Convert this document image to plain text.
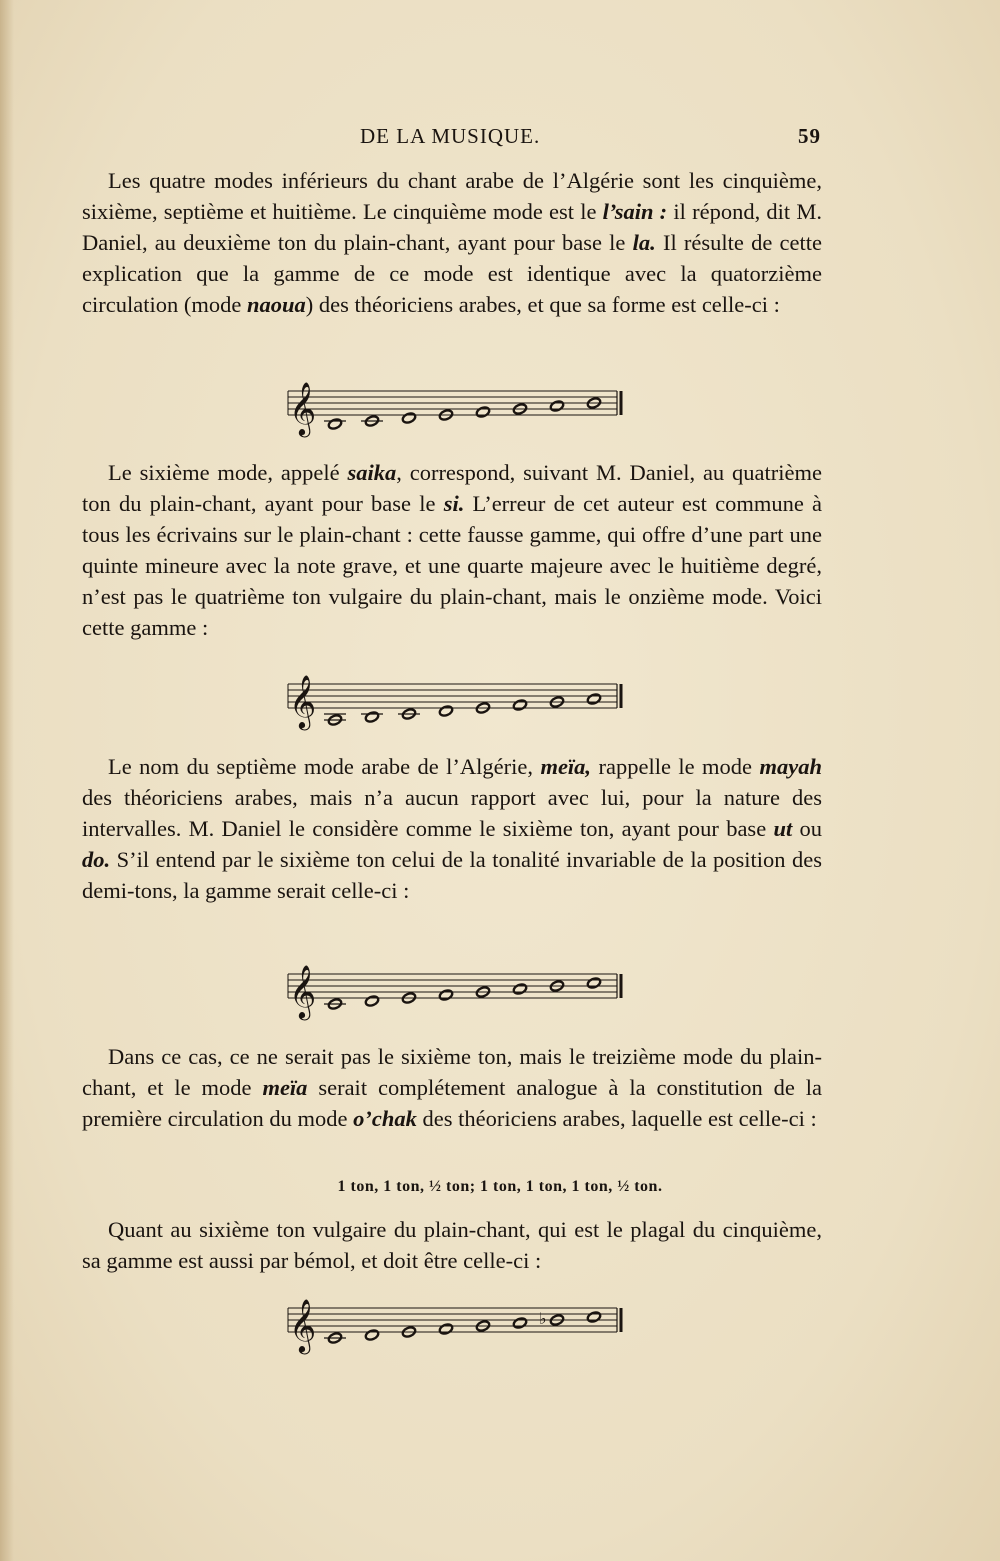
DE LA MUSIQUE.	59

Les quatre modes inférieurs du chant arabe de l’Algérie sont les cinquième, sixième, septième et huitième. Le cinquième mode est le l’sain : il répond, dit M. Daniel, au deuxième ton du plain-chant, ayant pour base le la. Il résulte de cette explication que la gamme de ce mode est identique avec la quatorzième circulation (mode naoua) des théoriciens arabes, et que sa forme est celle-ci :

𝄞

Le sixième mode, appelé saika, correspond, suivant M. Daniel, au quatrième ton du plain-chant, ayant pour base le si. L’erreur de cet auteur est commune à tous les écrivains sur le plain-chant : cette fausse gamme, qui offre d’une part une quinte mineure avec la note grave, et une quarte majeure avec le huitième degré, n’est pas le quatrième ton vulgaire du plain-chant, mais le onzième mode. Voici cette gamme :

𝄞

Le nom du septième mode arabe de l’Algérie, meïa, rappelle le mode mayah des théoriciens arabes, mais n’a aucun rapport avec lui, pour la nature des intervalles. M. Daniel le considère comme le sixième ton, ayant pour base ut ou do. S’il entend par le sixième ton celui de la tonalité invariable de la position des demi-tons, la gamme serait celle-ci :

𝄞

Dans ce cas, ce ne serait pas le sixième ton, mais le treizième mode du plain-chant, et le mode meïa serait complétement analogue à la constitution de la première circulation du mode o’chak des théoriciens arabes, laquelle est celle-ci :

1 ton, 1 ton, ½ ton; 1 ton, 1 ton, 1 ton, ½ ton.

Quant au sixième ton vulgaire du plain-chant, qui est le plagal du cinquième, sa gamme est aussi par bémol, et doit être celle-ci :

𝄞	♭
